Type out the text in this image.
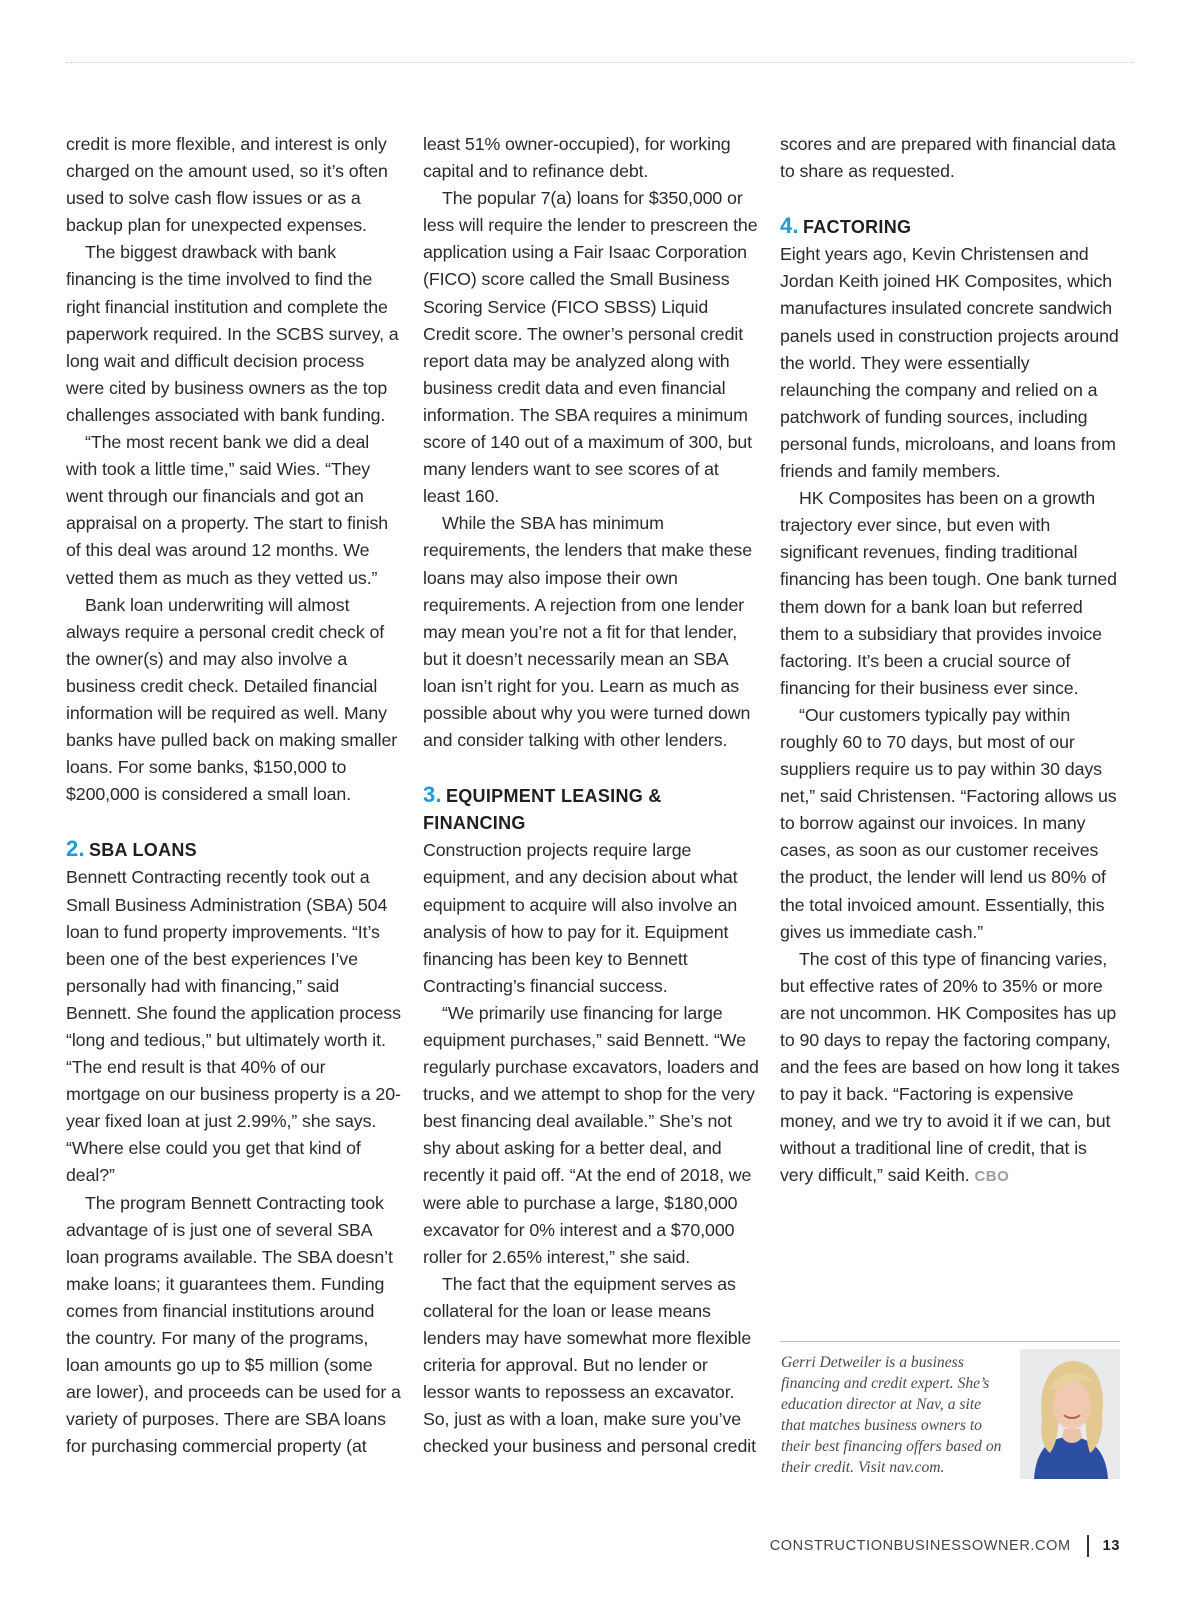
credit is more flexible, and interest is only charged on the amount used, so it’s often used to solve cash flow issues or as a backup plan for unexpected expenses.

The biggest drawback with bank financing is the time involved to find the right financial institution and complete the paperwork required. In the SCBS survey, a long wait and difficult decision process were cited by business owners as the top challenges associated with bank funding.

“The most recent bank we did a deal with took a little time,” said Wies. “They went through our financials and got an appraisal on a property. The start to finish of this deal was around 12 months. We vetted them as much as they vetted us.”

Bank loan underwriting will almost always require a personal credit check of the owner(s) and may also involve a business credit check. Detailed financial information will be required as well. Many banks have pulled back on making smaller loans. For some banks, $150,000 to $200,000 is considered a small loan.

2. SBA LOANS

Bennett Contracting recently took out a Small Business Administration (SBA) 504 loan to fund property improvements. “It’s been one of the best experiences I’ve personally had with financing,” said Bennett. She found the application process “long and tedious,” but ultimately worth it. “The end result is that 40% of our mortgage on our business property is a 20-year fixed loan at just 2.99%,” she says. “Where else could you get that kind of deal?”

The program Bennett Contracting took advantage of is just one of several SBA loan programs available. The SBA doesn’t make loans; it guarantees them. Funding comes from financial institutions around the country. For many of the programs, loan amounts go up to $5 million (some are lower), and proceeds can be used for a variety of purposes. There are SBA loans for purchasing commercial property (at

least 51% owner-occupied), for working capital and to refinance debt.

The popular 7(a) loans for $350,000 or less will require the lender to prescreen the application using a Fair Isaac Corporation (FICO) score called the Small Business Scoring Service (FICO SBSS) Liquid Credit score. The owner’s personal credit report data may be analyzed along with business credit data and even financial information. The SBA requires a minimum score of 140 out of a maximum of 300, but many lenders want to see scores of at least 160.

While the SBA has minimum requirements, the lenders that make these loans may also impose their own requirements. A rejection from one lender may mean you’re not a fit for that lender, but it doesn’t necessarily mean an SBA loan isn’t right for you. Learn as much as possible about why you were turned down and consider talking with other lenders.

3. EQUIPMENT LEASING & FINANCING

Construction projects require large equipment, and any decision about what equipment to acquire will also involve an analysis of how to pay for it. Equipment financing has been key to Bennett Contracting’s financial success.

“We primarily use financing for large equipment purchases,” said Bennett. “We regularly purchase excavators, loaders and trucks, and we attempt to shop for the very best financing deal available.” She’s not shy about asking for a better deal, and recently it paid off. “At the end of 2018, we were able to purchase a large, $180,000 excavator for 0% interest and a $70,000 roller for 2.65% interest,” she said.

The fact that the equipment serves as collateral for the loan or lease means lenders may have somewhat more flexible criteria for approval. But no lender or lessor wants to repossess an excavator. So, just as with a loan, make sure you’ve checked your business and personal credit

scores and are prepared with financial data to share as requested.

4. FACTORING

Eight years ago, Kevin Christensen and Jordan Keith joined HK Composites, which manufactures insulated concrete sandwich panels used in construction projects around the world. They were essentially relaunching the company and relied on a patchwork of funding sources, including personal funds, microloans, and loans from friends and family members.

HK Composites has been on a growth trajectory ever since, but even with significant revenues, finding traditional financing has been tough. One bank turned them down for a bank loan but referred them to a subsidiary that provides invoice factoring. It’s been a crucial source of financing for their business ever since.

“Our customers typically pay within roughly 60 to 70 days, but most of our suppliers require us to pay within 30 days net,” said Christensen. “Factoring allows us to borrow against our invoices. In many cases, as soon as our customer receives the product, the lender will lend us 80% of the total invoiced amount. Essentially, this gives us immediate cash.”

The cost of this type of financing varies, but effective rates of 20% to 35% or more are not uncommon. HK Composites has up to 90 days to repay the factoring company, and the fees are based on how long it takes to pay it back. “Factoring is expensive money, and we try to avoid it if we can, but without a traditional line of credit, that is very difficult,” said Keith. CBO

Gerri Detweiler is a business financing and credit expert. She’s education director at Nav, a site that matches business owners to their best financing offers based on their credit. Visit nav.com.
CONSTRUCTIONBUSINESSOWNER.COM 13
